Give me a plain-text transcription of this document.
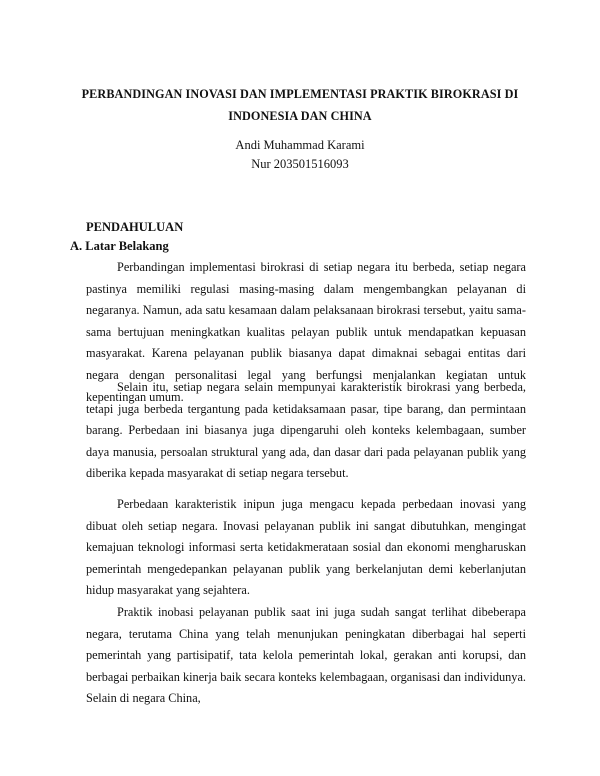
PERBANDINGAN INOVASI DAN IMPLEMENTASI PRAKTIK BIROKRASI DI INDONESIA DAN CHINA
Andi Muhammad Karami
Nur 203501516093
PENDAHULUAN
A. Latar Belakang

Perbandingan implementasi birokrasi di setiap negara itu berbeda, setiap negara pastinya memiliki regulasi masing-masing dalam mengembangkan pelayanan di negaranya. Namun, ada satu kesamaan dalam pelaksanaan birokrasi tersebut, yaitu sama-sama bertujuan meningkatkan kualitas pelayan publik untuk mendapatkan kepuasan masyarakat. Karena pelayanan publik biasanya dapat dimaknai sebagai entitas dari negara dengan personalitasi legal yang berfungsi menjalankan kegiatan untuk kepentingan umum.

Selain itu, setiap negara selain mempunyai karakteristik birokrasi yang berbeda, tetapi juga berbeda tergantung pada ketidaksamaan pasar, tipe barang, dan permintaan barang. Perbedaan ini biasanya juga dipengaruhi oleh konteks kelembagaan, sumber daya manusia, persoalan struktural yang ada, dan dasar dari pada pelayanan publik yang diberika kepada masyarakat di setiap negara tersebut.

Perbedaan karakteristik inipun juga mengacu kepada perbedaan inovasi yang dibuat oleh setiap negara. Inovasi pelayanan publik ini sangat dibutuhkan, mengingat kemajuan teknologi informasi serta ketidakmerataan sosial dan ekonomi mengharuskan pemerintah mengedepankan pelayanan publik yang berkelanjutan demi keberlanjutan hidup masyarakat yang sejahtera.

Praktik inobasi pelayanan publik saat ini juga sudah sangat terlihat dibeberapa negara, terutama China yang telah menunjukan peningkatan diberbagai hal seperti pemerintah yang partisipatif, tata kelola pemerintah lokal, gerakan anti korupsi, dan berbagai perbaikan kinerja baik secara konteks kelembagaan, organisasi dan individunya. Selain di negara China,
